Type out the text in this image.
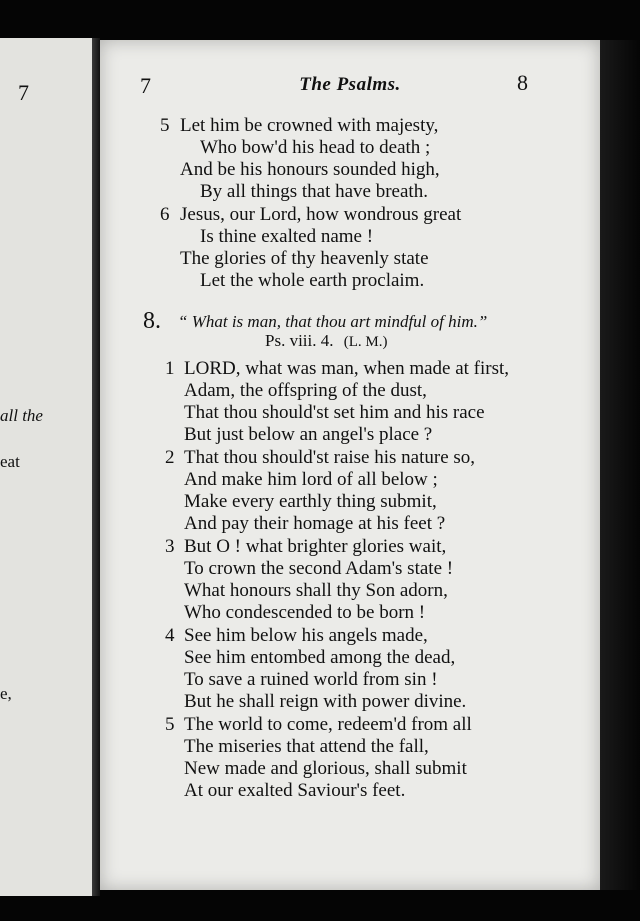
7
all the
eat
e,
7	The Psalms.	8
5 Let him be crowned with majesty,
Who bow'd his head to death ;
And be his honours sounded high,
By all things that have breath.
6 Jesus, our Lord, how wondrous great
Is thine exalted name !
The glories of thy heavenly state
Let the whole earth proclaim.
8. “ What is man, that thou art mindful of him.”
Ps. viii. 4. (L. M.)
1 LORD, what was man, when made at first,
Adam, the offspring of the dust,
That thou should'st set him and his race
But just below an angel's place ?
2 That thou should'st raise his nature so,
And make him lord of all below ;
Make every earthly thing submit,
And pay their homage at his feet ?
3 But O ! what brighter glories wait,
To crown the second Adam's state !
What honours shall thy Son adorn,
Who condescended to be born !
4 See him below his angels made,
See him entombed among the dead,
To save a ruined world from sin !
But he shall reign with power divine.
5 The world to come, redeem'd from all
The miseries that attend the fall,
New made and glorious, shall submit
At our exalted Saviour's feet.
